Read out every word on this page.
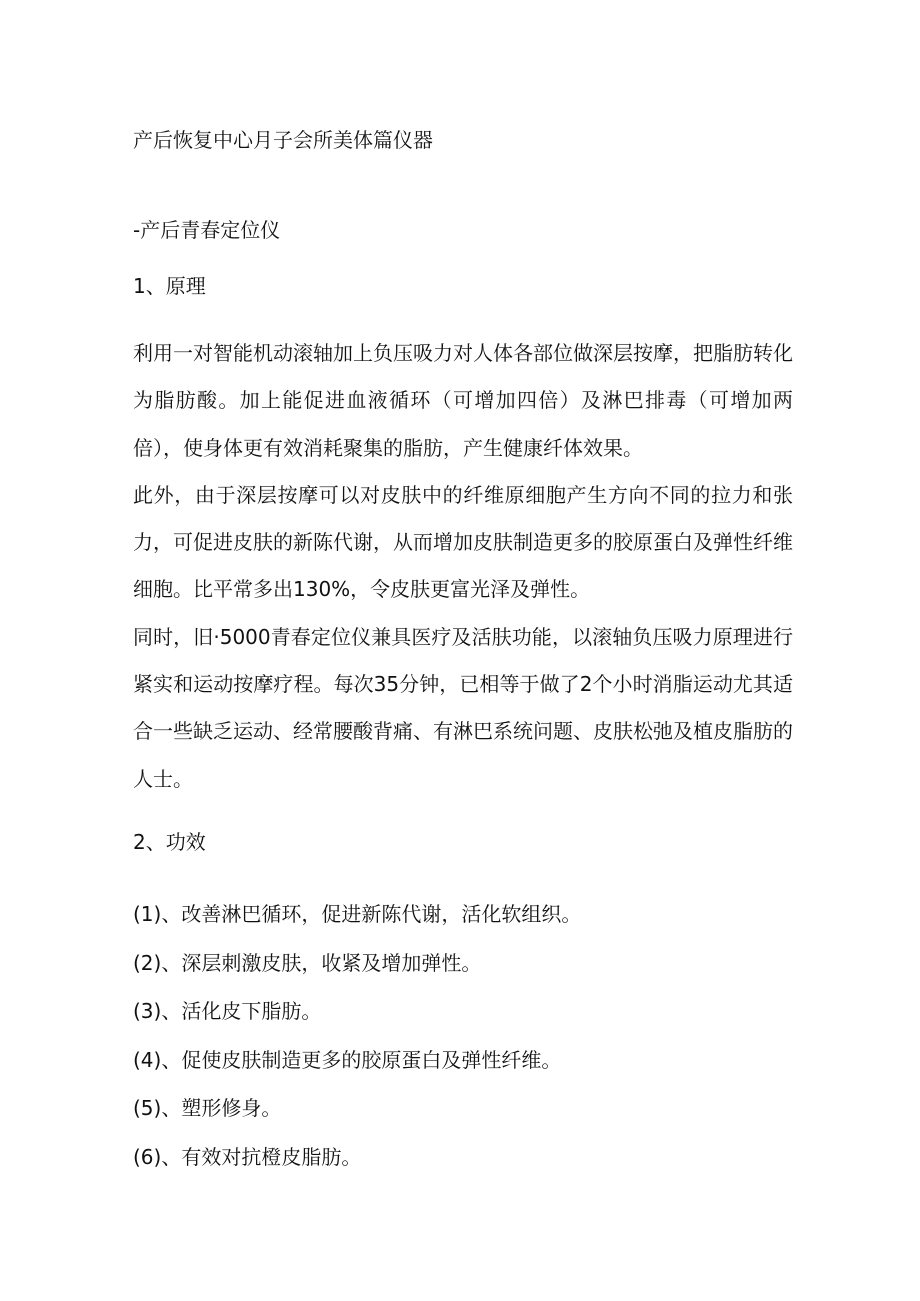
产后恢复中心月子会所美体篇仪器
-产后青春定位仪
1、原理

利用一对智能机动滚轴加上负压吸力对人体各部位做深层按摩，把脂肪转化为脂肪酸。加上能促进血液循环（可增加四倍）及淋巴排毒（可增加两倍），使身体更有效消耗聚集的脂肪，产生健康纤体效果。

此外，由于深层按摩可以对皮肤中的纤维原细胞产生方向不同的拉力和张力，可促进皮肤的新陈代谢，从而增加皮肤制造更多的胶原蛋白及弹性纤维细胞。比平常多出130%，令皮肤更富光泽及弹性。

同时，旧·5000青春定位仪兼具医疗及活肤功能，以滚轴负压吸力原理进行紧实和运动按摩疗程。每次35分钟，已相等于做了2个小时消脂运动尤其适合一些缺乏运动、经常腰酸背痛、有淋巴系统问题、皮肤松弛及植皮脂肪的人士。

2、功效
(1)、改善淋巴循环，促进新陈代谢，活化软组织。
(2)、深层刺激皮肤，收紧及增加弹性。
(3)、活化皮下脂肪。
(4)、促使皮肤制造更多的胶原蛋白及弹性纤维。
(5)、塑形修身。
(6)、有效对抗橙皮脂肪。
